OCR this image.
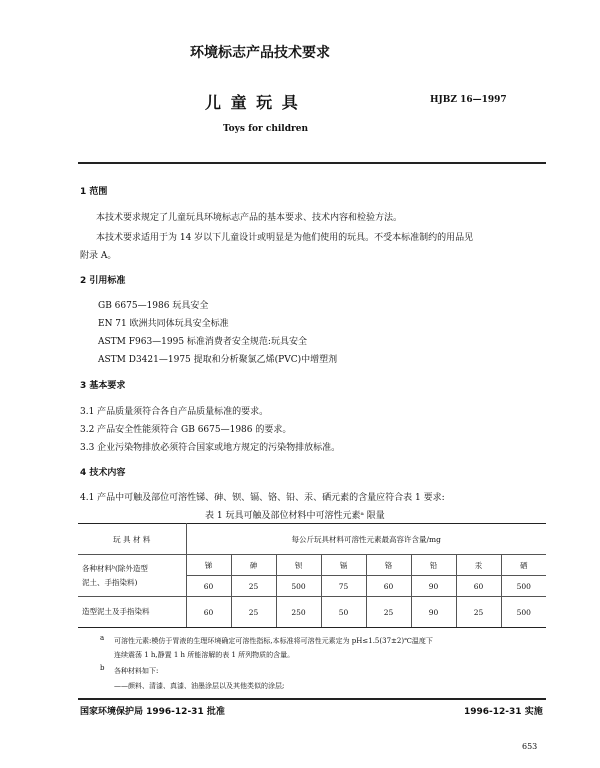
环境标志产品技术要求
儿 童 玩 具	HJBZ 16—1997
Toys for children
1 范围
本技术要求规定了儿童玩具环境标志产品的基本要求、技术内容和检验方法。
本技术要求适用于为 14 岁以下儿童设计或明显是为他们使用的玩具。不受本标准制约的用品见
附录 A。
2 引用标准
GB 6675—1986 玩具安全
EN 71 欧洲共同体玩具安全标准
ASTM F963—1995 标准消费者安全规范:玩具安全
ASTM D3421—1975 提取和分析聚氯乙烯(PVC)中增塑剂
3 基本要求
3.1 产品质量须符合各自产品质量标准的要求。
3.2 产品安全性能须符合 GB 6675—1986 的要求。
3.3 企业污染物排放必须符合国家或地方规定的污染物排放标准。
4 技术内容
4.1 产品中可触及部位可溶性锑、砷、钡、镉、铬、铅、汞、硒元素的含量应符合表 1 要求:
表 1 玩具可触及部位材料中可溶性元素ᵃ 限量
玩 具 材 料	每公斤玩具材料可溶性元素最高容许含量/mg							
各种材料ᵇ(除外造型
泥土、手指染料)	锑	砷	钡	镉	铬	铅	汞	硒
	60	25	500	75	60	90	60	500
造型泥土及手指染料	60	25	250	50	25	90	25	500
a 可溶性元素:模仿于胃液的生理环境确定可溶性指标,本标准将可溶性元素定为 pH≤1.5(37±2)℃温度下
连续震荡 1 h,静置 1 h 所能溶解的表 1 所列物质的含量。
b 各种材料如下:
——颜料、清漆、真漆、油墨涂层以及其他类似的涂层;
国家环境保护局 1996-12-31 批准	1996-12-31 实施
653
